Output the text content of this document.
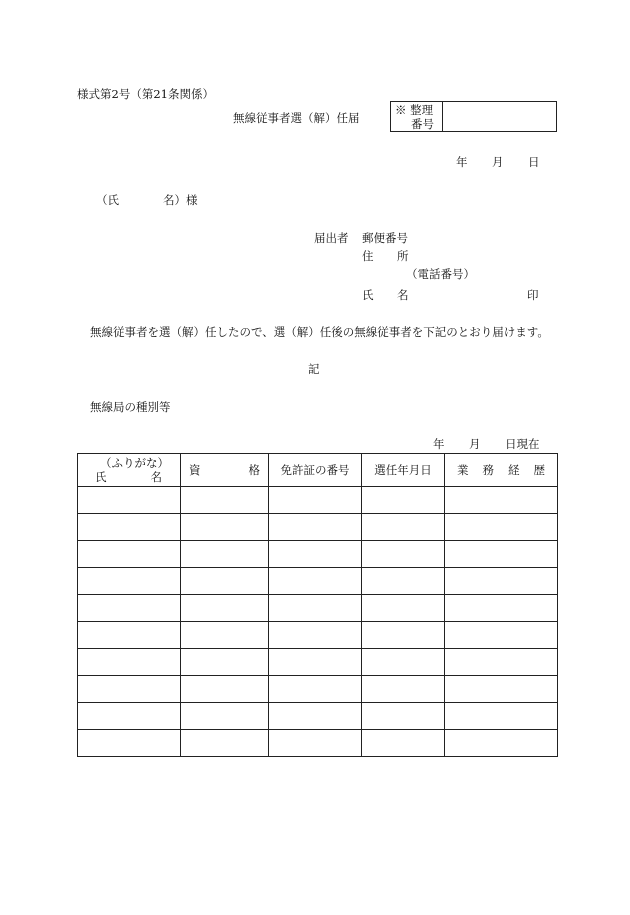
様式第2号（第21条関係）
無線従事者選（解）任届
※ 整理
番号
年 月 日
（氏	名）様
届出者 郵便番号
住 所
（電話番号）
氏 名	印
無線従事者を選（解）任したので、選（解）任後の無線従事者を下記のとおり届けます。
記
無線局の種別等
年 月 日現在
（ふりがな）
氏 名	資 格	免許証の番号	選任年月日	業 務 経 歴
